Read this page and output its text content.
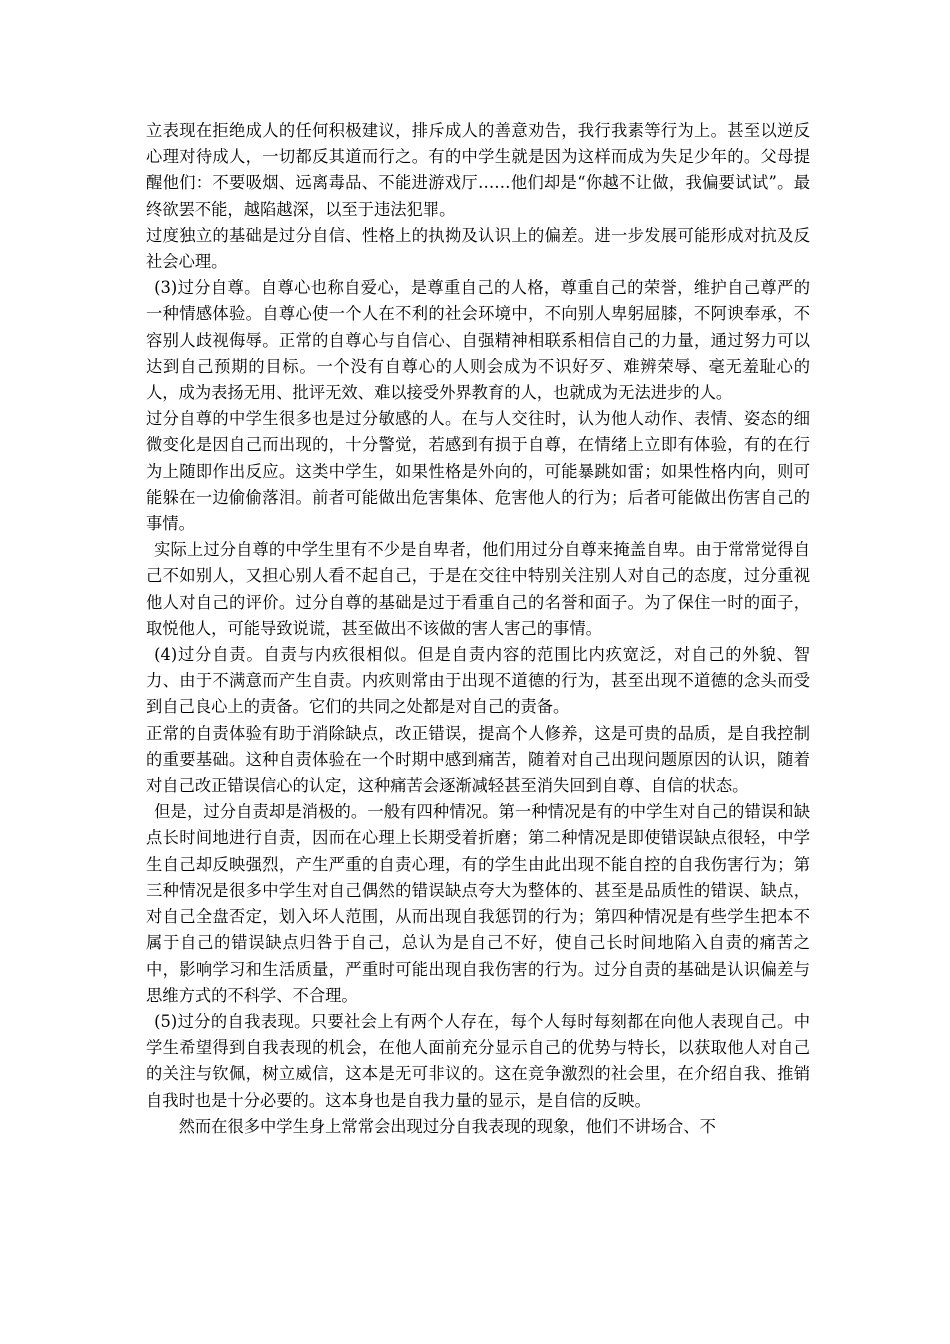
立表现在拒绝成人的任何积极建议，排斥成人的善意劝告，我行我素等行为上。甚至以逆反心理对待成人，一切都反其道而行之。有的中学生就是因为这样而成为失足少年的。父母提醒他们：不要吸烟、远离毒品、不能进游戏厅……他们却是“你越不让做，我偏要试试”。最终欲罢不能，越陷越深，以至于违法犯罪。

过度独立的基础是过分自信、性格上的执拗及认识上的偏差。进一步发展可能形成对抗及反社会心理。

(3)过分自尊。自尊心也称自爱心，是尊重自己的人格，尊重自己的荣誉，维护自己尊严的一种情感体验。自尊心使一个人在不利的社会环境中，不向别人卑躬屈膝，不阿谀奉承，不容别人歧视侮辱。正常的自尊心与自信心、自强精神相联系相信自己的力量，通过努力可以达到自己预期的目标。一个没有自尊心的人则会成为不识好歹、难辨荣辱、毫无羞耻心的人，成为表扬无用、批评无效、难以接受外界教育的人，也就成为无法进步的人。

过分自尊的中学生很多也是过分敏感的人。在与人交往时，认为他人动作、表情、姿态的细微变化是因自己而出现的，十分警觉，若感到有损于自尊，在情绪上立即有体验，有的在行为上随即作出反应。这类中学生，如果性格是外向的，可能暴跳如雷；如果性格内向，则可能躲在一边偷偷落泪。前者可能做出危害集体、危害他人的行为；后者可能做出伤害自己的事情。

实际上过分自尊的中学生里有不少是自卑者，他们用过分自尊来掩盖自卑。由于常常觉得自己不如别人，又担心别人看不起自己，于是在交往中特别关注别人对自己的态度，过分重视他人对自己的评价。过分自尊的基础是过于看重自己的名誉和面子。为了保住一时的面子，取悦他人，可能导致说谎，甚至做出不该做的害人害己的事情。

(4)过分自责。自责与内疚很相似。但是自责内容的范围比内疚宽泛，对自己的外貌、智力、由于不满意而产生自责。内疚则常由于出现不道德的行为，甚至出现不道德的念头而受到自己良心上的责备。它们的共同之处都是对自己的责备。

正常的自责体验有助于消除缺点，改正错误，提高个人修养，这是可贵的品质，是自我控制的重要基础。这种自责体验在一个时期中感到痛苦，随着对自己出现问题原因的认识，随着对自己改正错误信心的认定，这种痛苦会逐渐减轻甚至消失回到自尊、自信的状态。

但是，过分自责却是消极的。一般有四种情况。第一种情况是有的中学生对自己的错误和缺点长时间地进行自责，因而在心理上长期受着折磨；第二种情况是即使错误缺点很轻，中学生自己却反映强烈，产生严重的自责心理，有的学生由此出现不能自控的自我伤害行为；第三种情况是很多中学生对自己偶然的错误缺点夸大为整体的、甚至是品质性的错误、缺点，对自己全盘否定，划入坏人范围，从而出现自我惩罚的行为；第四种情况是有些学生把本不属于自己的错误缺点归咎于自己，总认为是自己不好，使自己长时间地陷入自责的痛苦之中，影响学习和生活质量，严重时可能出现自我伤害的行为。过分自责的基础是认识偏差与思维方式的不科学、不合理。

(5)过分的自我表现。只要社会上有两个人存在，每个人每时每刻都在向他人表现自己。中学生希望得到自我表现的机会，在他人面前充分显示自己的优势与特长，以获取他人对自己的关注与钦佩，树立威信，这本是无可非议的。这在竞争激烈的社会里，在介绍自我、推销自我时也是十分必要的。这本身也是自我力量的显示，是自信的反映。

然而在很多中学生身上常常会出现过分自我表现的现象，他们不讲场合、不
